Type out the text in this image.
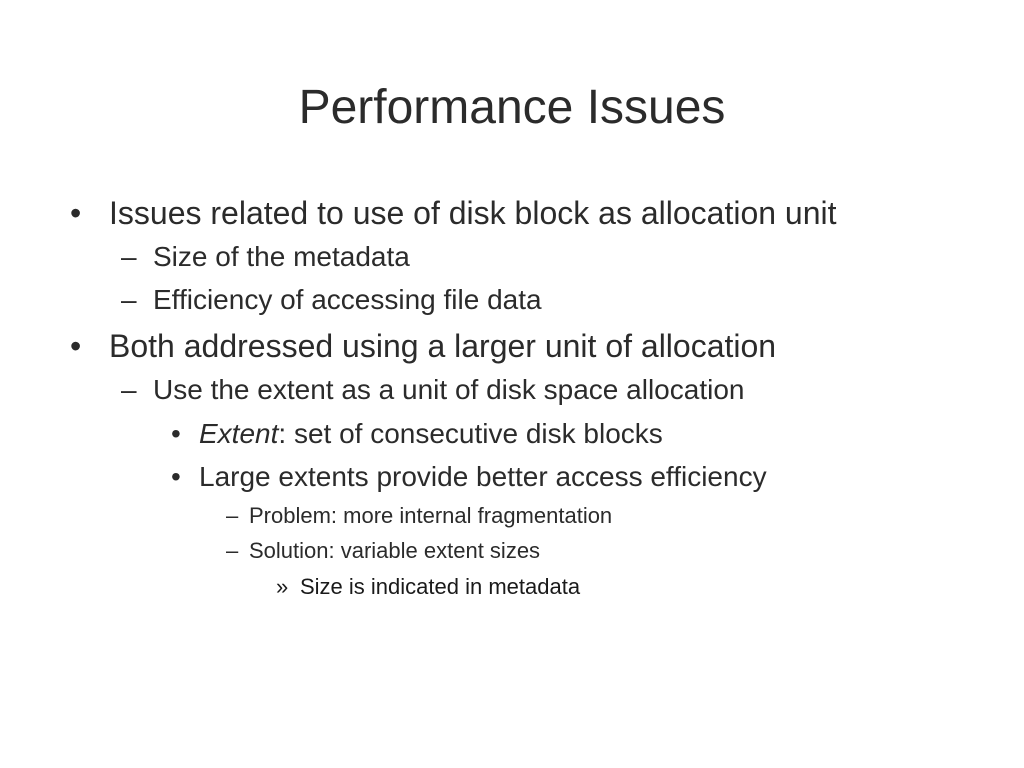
Performance Issues
• Issues related to use of disk block as allocation unit
– Size of the metadata
– Efficiency of accessing file data
• Both addressed using a larger unit of allocation
– Use the extent as a unit of disk space allocation
• Extent: set of consecutive disk blocks
• Large extents provide better access efficiency
– Problem: more internal fragmentation
– Solution: variable extent sizes
» Size is indicated in metadata
